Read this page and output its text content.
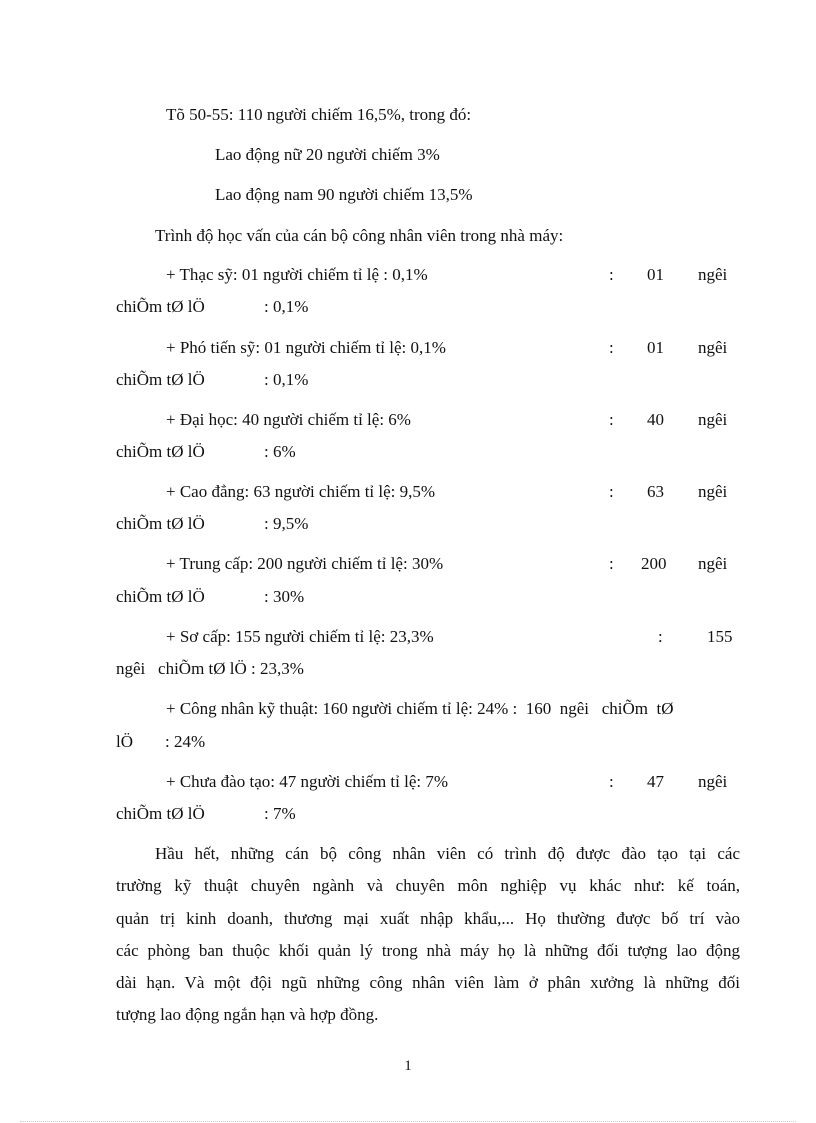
Tõ 50-55: 110 người chiếm 16,5%, trong đó:
Lao động nữ 20 người chiếm 3%
Lao động nam 90 người chiếm 13,5%
Trình độ học vấn của cán bộ công nhân viên trong nhà máy:
+ Thạc sỹ: 01 người chiếm tỉ lệ : 0,1%	: 01 ngêi
chiÕm tØ lÖ	: 0,1%
+ Phó tiến sỹ: 01 người chiếm tỉ lệ: 0,1%	: 01 ngêi
chiÕm tØ lÖ	: 0,1%
+ Đại học: 40 người chiếm tỉ lệ: 6%	: 40 ngêi
chiÕm tØ lÖ	: 6%
+ Cao đẳng: 63 người chiếm tỉ lệ: 9,5%	: 63 ngêi
chiÕm tØ lÖ	: 9,5%
+ Trung cấp: 200 người chiếm tỉ lệ: 30%	: 200 ngêi
chiÕm tØ lÖ	: 30%
+ Sơ cấp: 155 người chiếm tỉ lệ: 23,3%	:	155
ngêi   chiÕm tØ lÖ : 23,3%
+ Công nhân kỹ thuật: 160 người chiếm tỉ lệ: 24% :  160  ngêi   chiÕm  tØ
lÖ : 24%
+ Chưa đào tạo: 47 người chiếm tỉ lệ: 7%	: 47 ngêi
chiÕm tØ lÖ	: 7%
Hầu hết, những cán bộ công nhân viên có trình độ được đào tạo tại các
trường kỹ thuật chuyên ngành và chuyên môn nghiệp vụ khác như: kế toán,
quản trị kinh doanh, thương mại xuất nhập khẩu,... Họ thường được bố trí vào
các phòng ban thuộc khối quản lý trong nhà máy họ là những đối tượng lao động
dài hạn. Và một đội ngũ những công nhân viên làm ở phân xưởng là những đối
tượng lao động ngắn hạn và hợp đồng.
1
